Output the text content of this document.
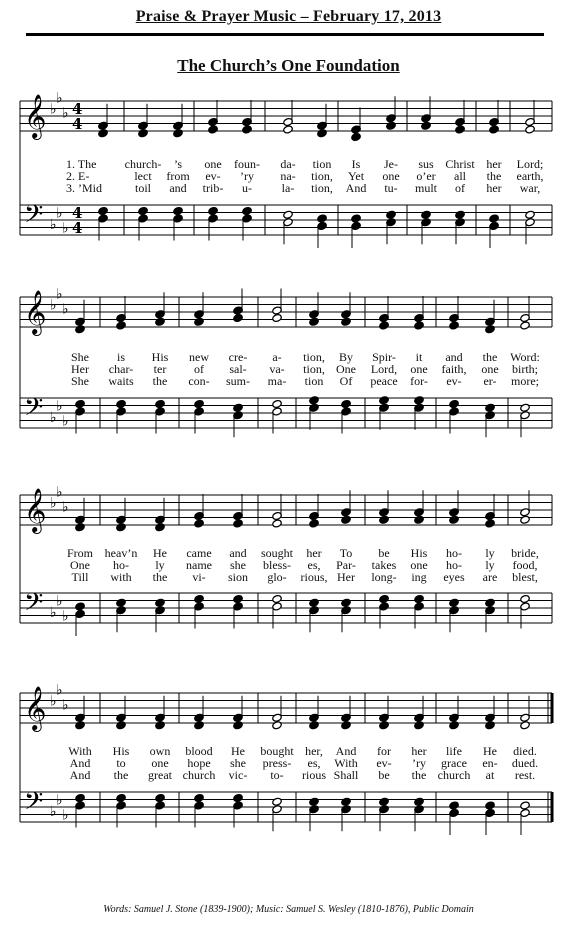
Praise & Prayer Music – February 17, 2013
The Church’s One Foundation
𝄞 ♭
♭
♭ 4
4
𝄢 ♭
♭
♭
4
4
1. The church- ’s one foun- da- tion Is Je- sus Christ her Lord;
2. E-	lect from ev- ’ry na- tion, Yet one o’er all the earth,
3. ’Mid	toil and trib- u- la- tion, And tu- mult of her war,
𝄞 ♭
♭
♭
𝄢 ♭
♭
♭
She is His new cre- a- tion, By Spir- it and the Word:
Her char- ter of sal- va- tion, One Lord, one faith, one birth;
She waits the con- sum- ma- tion Of peace for- ev- er- more;
𝄞 ♭
♭
♭
𝄢 ♭
♭
♭
From heav’n He came and sought her To be His ho- ly bride,
One ho- ly name she bless- es, Par- takes one ho- ly food,
Till with the vi- sion glo- rious, Her long- ing eyes are blest,
𝄞 ♭
♭
♭
𝄢 ♭
♭
♭
With His own blood He bought her, And for her life He died.
And to one hope she press- es, With ev- ’ry grace en- dued.
And the great church vic- to- rious Shall be the church at rest.
Words: Samuel J. Stone (1839-1900); Music: Samuel S. Wesley (1810-1876), Public Domain
